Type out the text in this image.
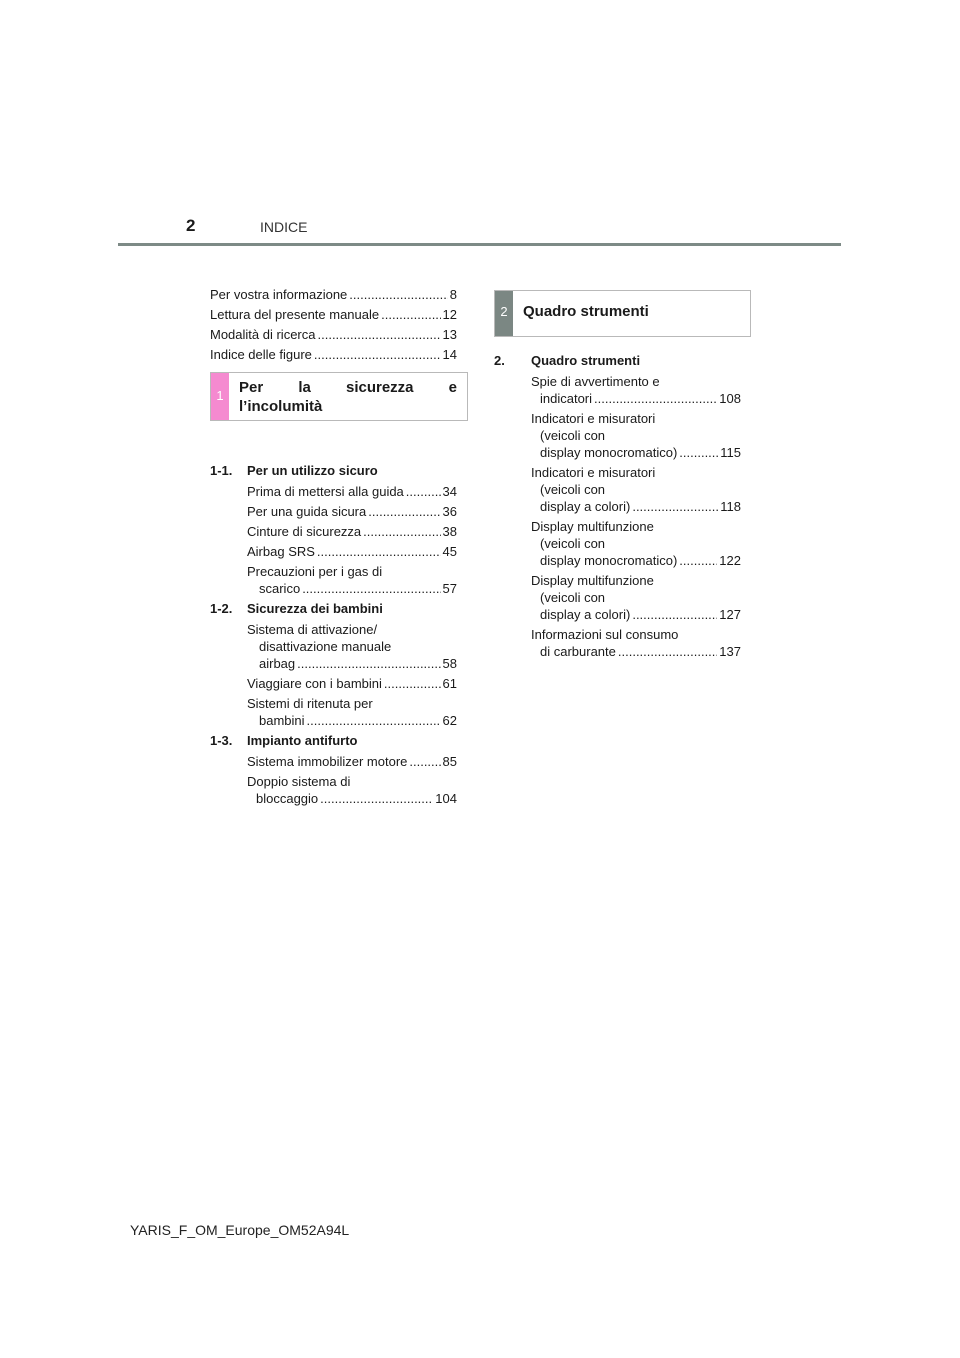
2	INDICE
Per vostra informazione .....	8
Lettura del presente manuale .....	12
Modalità di ricerca .....	13
Indice delle figure .....	14
1-1.	Per un utilizzo sicuro
Prima di mettersi alla guida .....	34
Per una guida sicura .....	36
Cinture di sicurezza .....	38
Airbag SRS .....	45
Precauzioni per i gas di
scarico .....	57
1-2.	Sicurezza dei bambini
Sistema di attivazione/
disattivazione manuale
airbag .....	58
Viaggiare con i bambini .....	61
Sistemi di ritenuta per
bambini .....	62
1-3.	Impianto antifurto
Sistema immobilizer motore .....	85
Doppio sistema di
bloccaggio .....	104
1	Per la sicurezza e
l’incolumità
2	Quadro strumenti
2.	Quadro strumenti
Spie di avvertimento e
indicatori .....	108
Indicatori e misuratori
(veicoli con
display monocromatico) .....	115
Indicatori e misuratori
(veicoli con
display a colori) .....	118
Display multifunzione
(veicoli con
display monocromatico) .....	122
Display multifunzione
(veicoli con
display a colori) .....	127
Informazioni sul consumo
di carburante .....	137
YARIS_F_OM_Europe_OM52A94L
